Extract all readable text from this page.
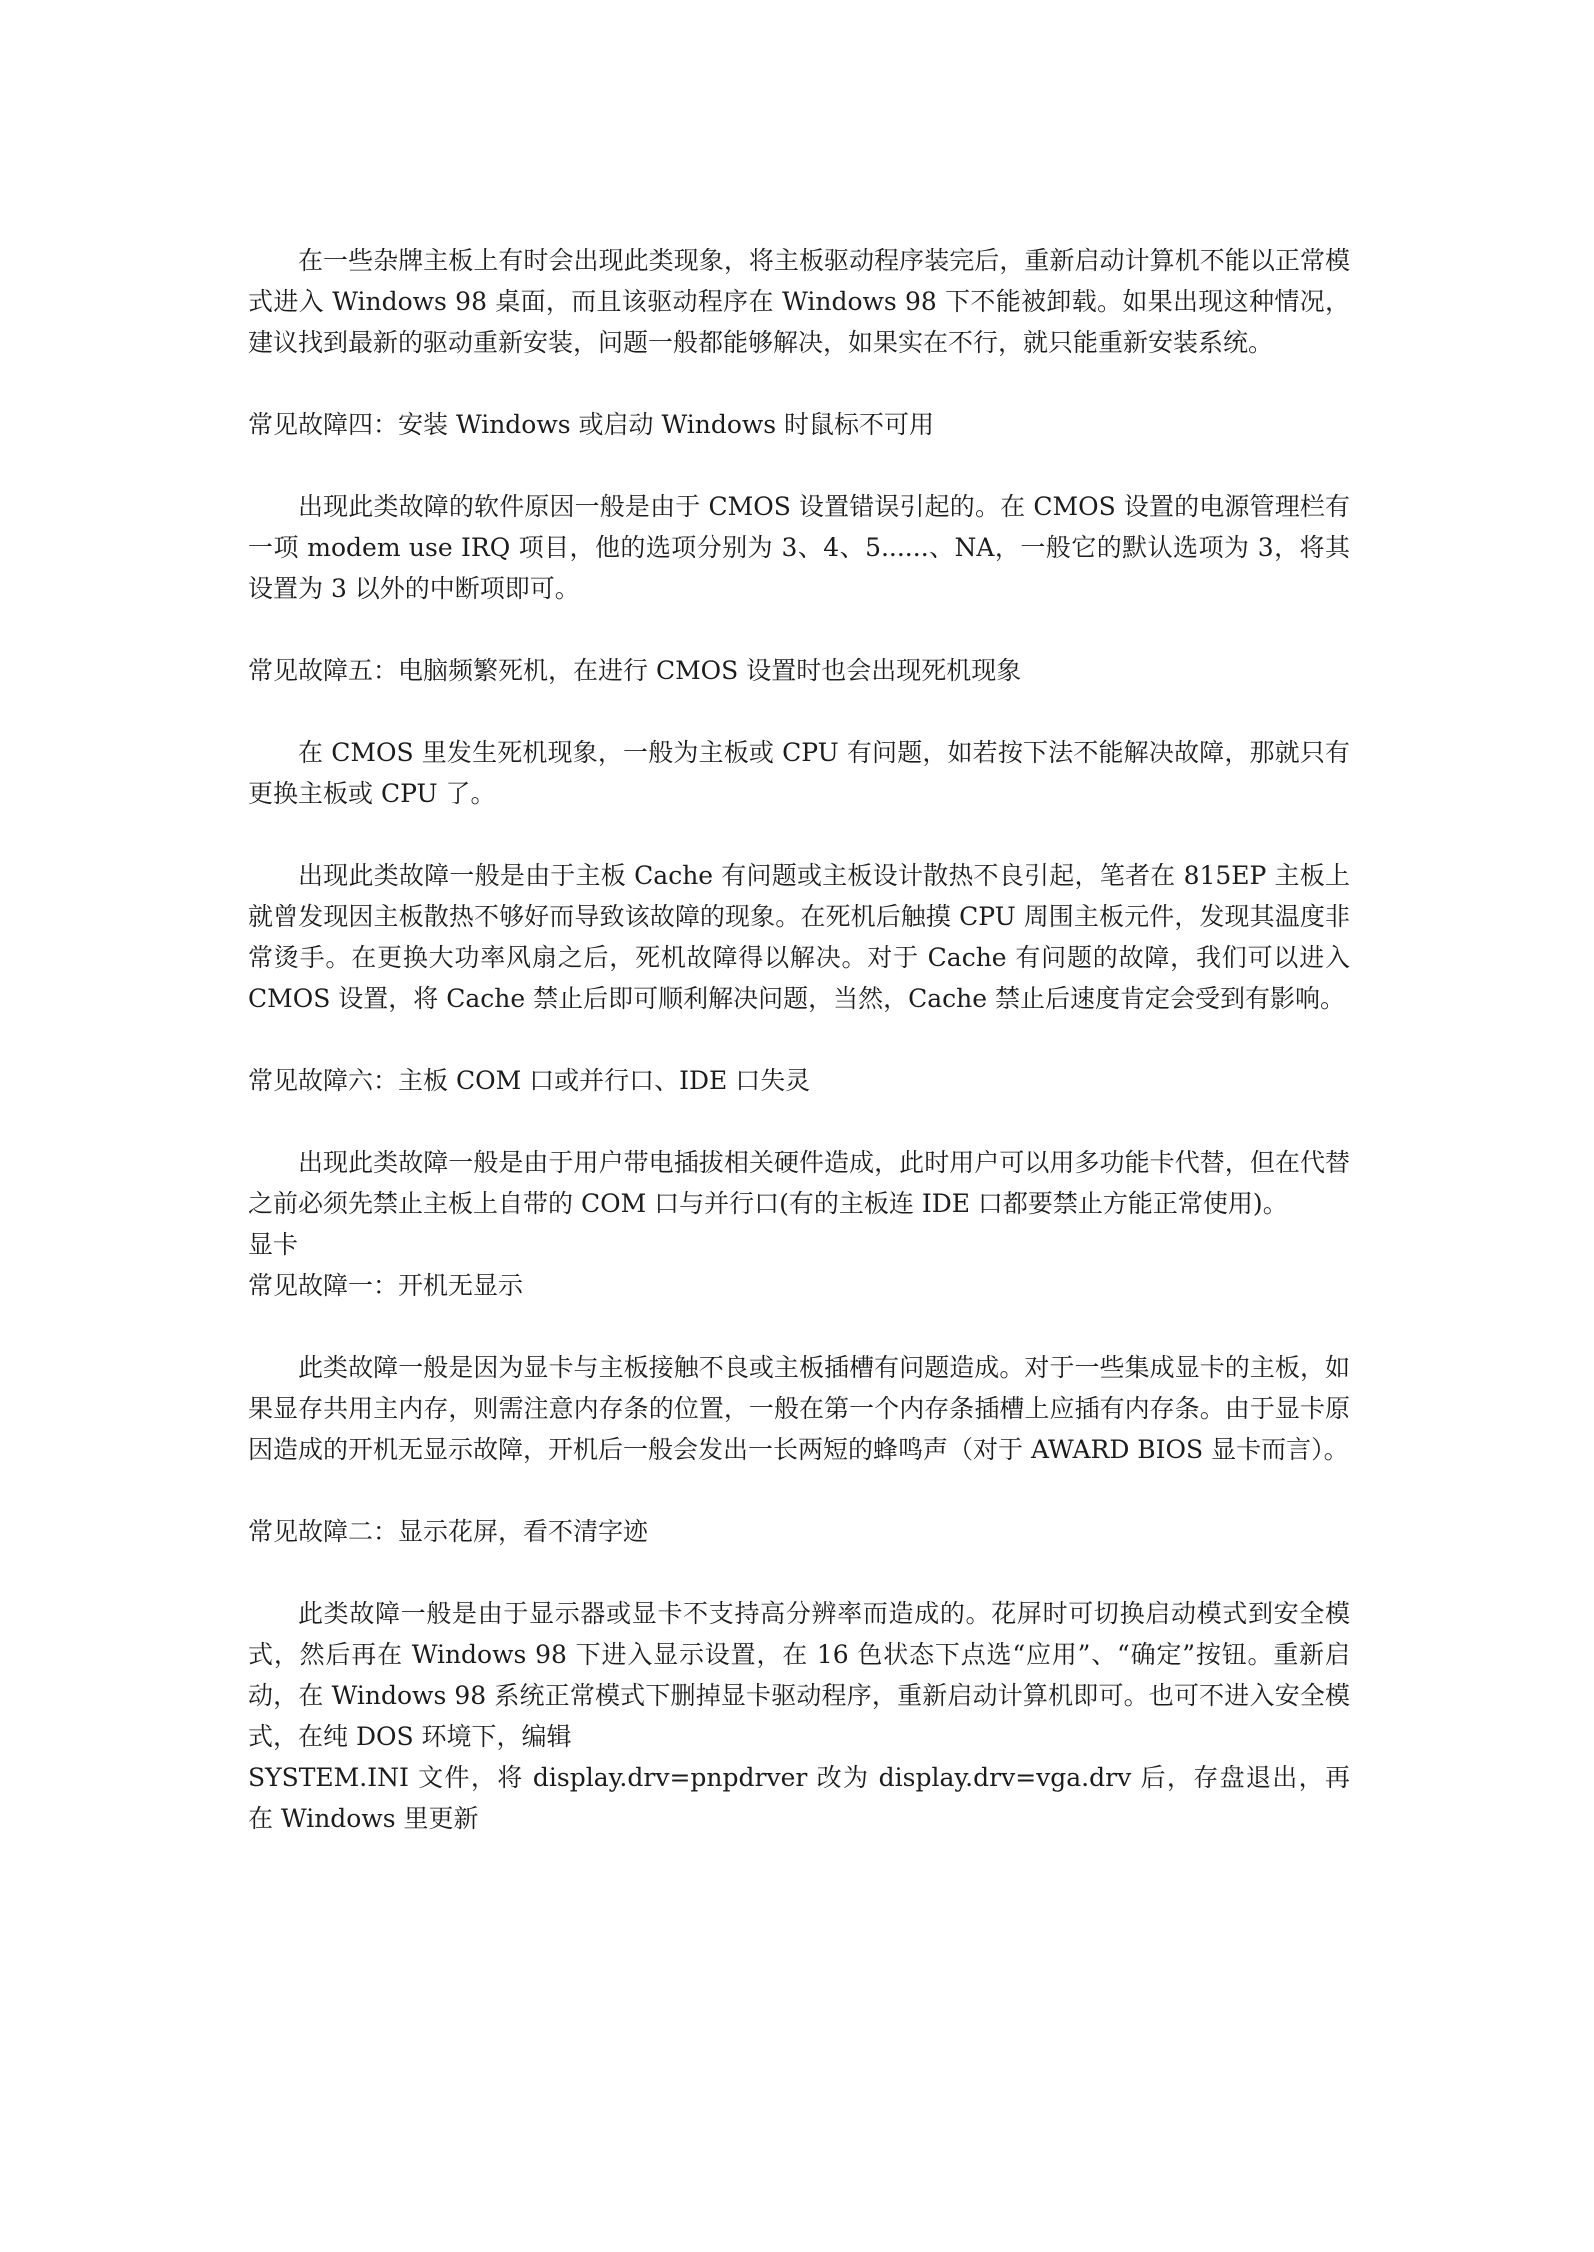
在一些杂牌主板上有时会出现此类现象，将主板驱动程序装完后，重新启动计算机不能以正常模式进入 Windows 98 桌面，而且该驱动程序在 Windows 98 下不能被卸载。如果出现这种情况，建议找到最新的驱动重新安装，问题一般都能够解决，如果实在不行，就只能重新安装系统。

常见故障四：安装 Windows 或启动 Windows 时鼠标不可用

出现此类故障的软件原因一般是由于 CMOS 设置错误引起的。在 CMOS 设置的电源管理栏有一项 modem use IRQ 项目，他的选项分别为 3、4、5......、NA，一般它的默认选项为 3，将其设置为 3 以外的中断项即可。

常见故障五：电脑频繁死机，在进行 CMOS 设置时也会出现死机现象

在 CMOS 里发生死机现象，一般为主板或 CPU 有问题，如若按下法不能解决故障，那就只有更换主板或 CPU 了。

出现此类故障一般是由于主板 Cache 有问题或主板设计散热不良引起，笔者在 815EP 主板上就曾发现因主板散热不够好而导致该故障的现象。在死机后触摸 CPU 周围主板元件，发现其温度非常烫手。在更换大功率风扇之后，死机故障得以解决。对于 Cache 有问题的故障，我们可以进入 CMOS 设置，将 Cache 禁止后即可顺利解决问题，当然，Cache 禁止后速度肯定会受到有影响。

常见故障六：主板 COM 口或并行口、IDE 口失灵

出现此类故障一般是由于用户带电插拔相关硬件造成，此时用户可以用多功能卡代替，但在代替之前必须先禁止主板上自带的 COM 口与并行口(有的主板连 IDE 口都要禁止方能正常使用)。

显卡

常见故障一：开机无显示

此类故障一般是因为显卡与主板接触不良或主板插槽有问题造成。对于一些集成显卡的主板，如果显存共用主内存，则需注意内存条的位置，一般在第一个内存条插槽上应插有内存条。由于显卡原因造成的开机无显示故障，开机后一般会发出一长两短的蜂鸣声（对于 AWARD BIOS 显卡而言）。

常见故障二：显示花屏，看不清字迹

此类故障一般是由于显示器或显卡不支持高分辨率而造成的。花屏时可切换启动模式到安全模式，然后再在 Windows 98 下进入显示设置，在 16 色状态下点选“应用”、“确定”按钮。重新启动，在 Windows 98 系统正常模式下删掉显卡驱动程序，重新启动计算机即可。也可不进入安全模式，在纯 DOS 环境下，编辑

SYSTEM.INI 文件，将 display.drv=pnpdrver 改为 display.drv=vga.drv 后，存盘退出，再在 Windows 里更新
